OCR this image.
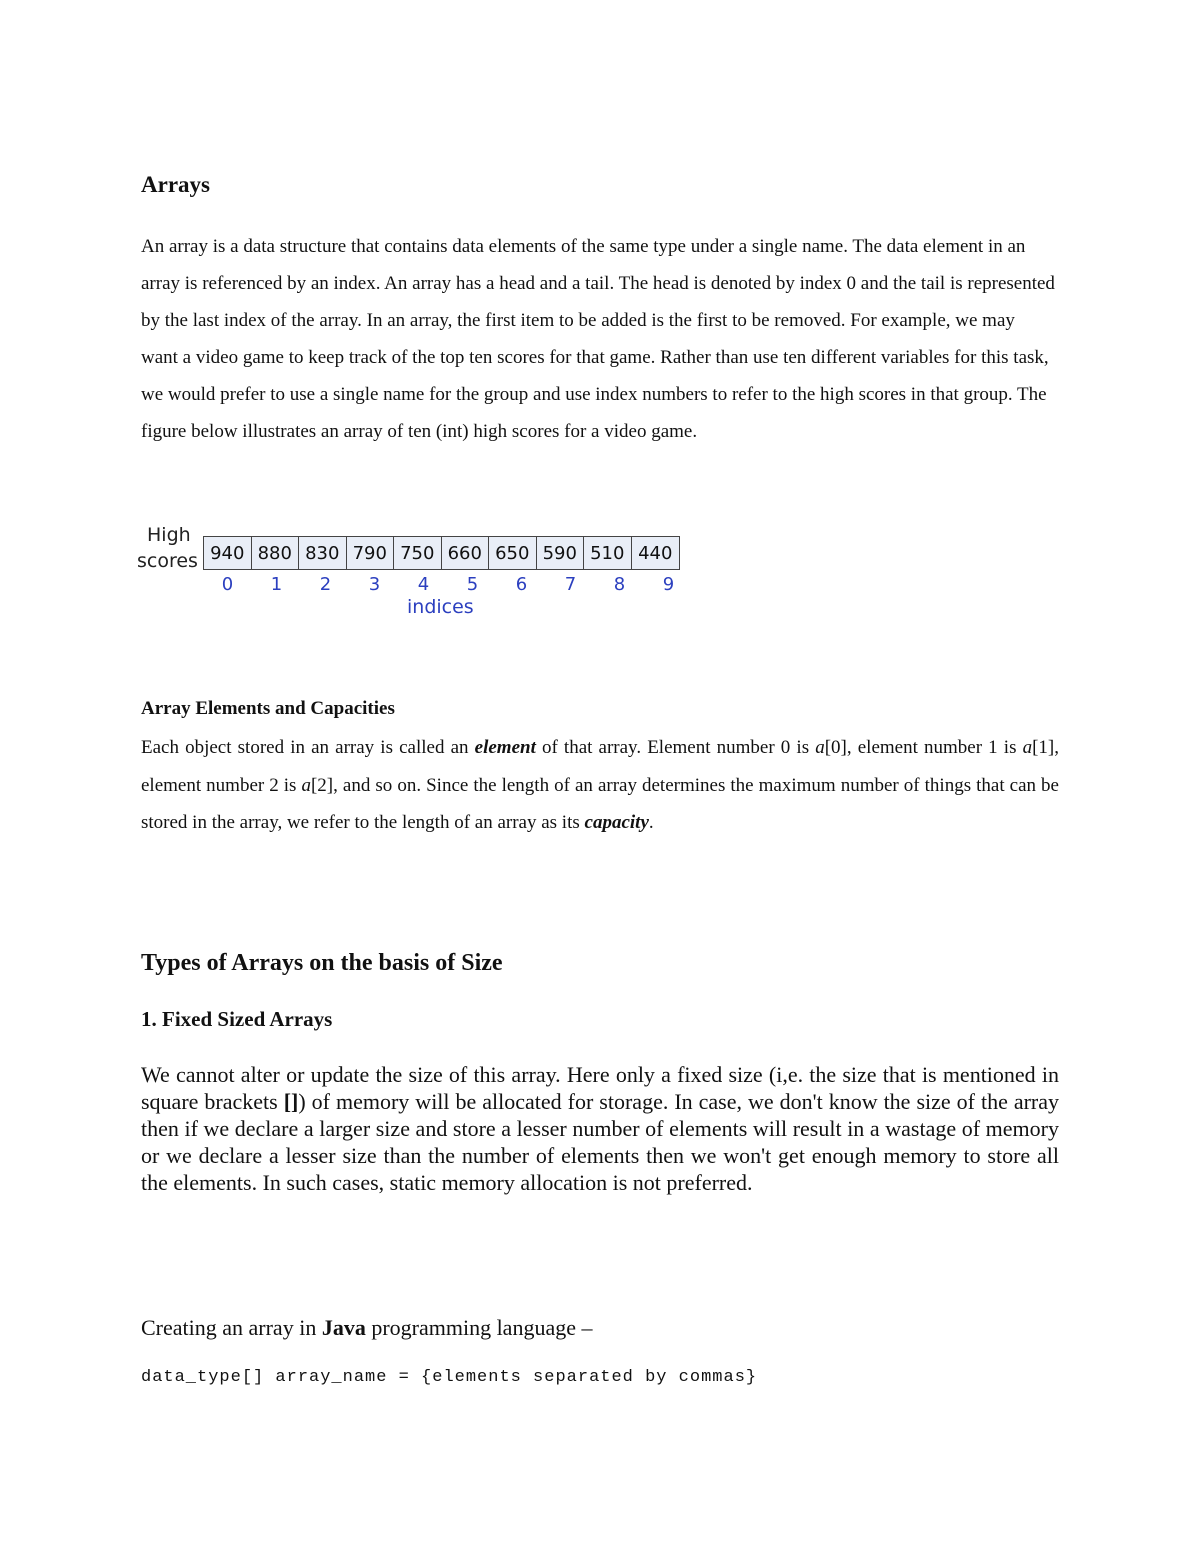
Arrays

An array is a data structure that contains data elements of the same type under a single name. The data element in an array is referenced by an index. An array has a head and a tail. The head is denoted by index 0 and the tail is represented by the last index of the array. In an array, the first item to be added is the first to be removed. For example, we may want a video game to keep track of the top ten scores for that game. Rather than use ten different variables for this task, we would prefer to use a single name for the group and use index numbers to refer to the high scores in that group. The figure below illustrates an array of ten (int) high scores for a video game.

High
scores 940 880 830 790 750 660 650 590 510 440
0	1	2	3	4	5	6	7	8	9
indices
Array Elements and Capacities

Each object stored in an array is called an element of that array. Element number 0 is a[0], element number 1 is a[1], element number 2 is a[2], and so on. Since the length of an array determines the maximum number of things that can be stored in the array, we refer to the length of an array as its capacity.

Types of Arrays on the basis of Size
1. Fixed Sized Arrays

We cannot alter or update the size of this array. Here only a fixed size (i,e. the size that is mentioned in square brackets []) of memory will be allocated for storage. In case, we don't know the size of the array then if we declare a larger size and store a lesser number of elements will result in a wastage of memory or we declare a lesser size than the number of elements then we won't get enough memory to store all the elements. In such cases, static memory allocation is not preferred.

Creating an array in Java programming language –

data_type[] array_name = {elements separated by commas}
